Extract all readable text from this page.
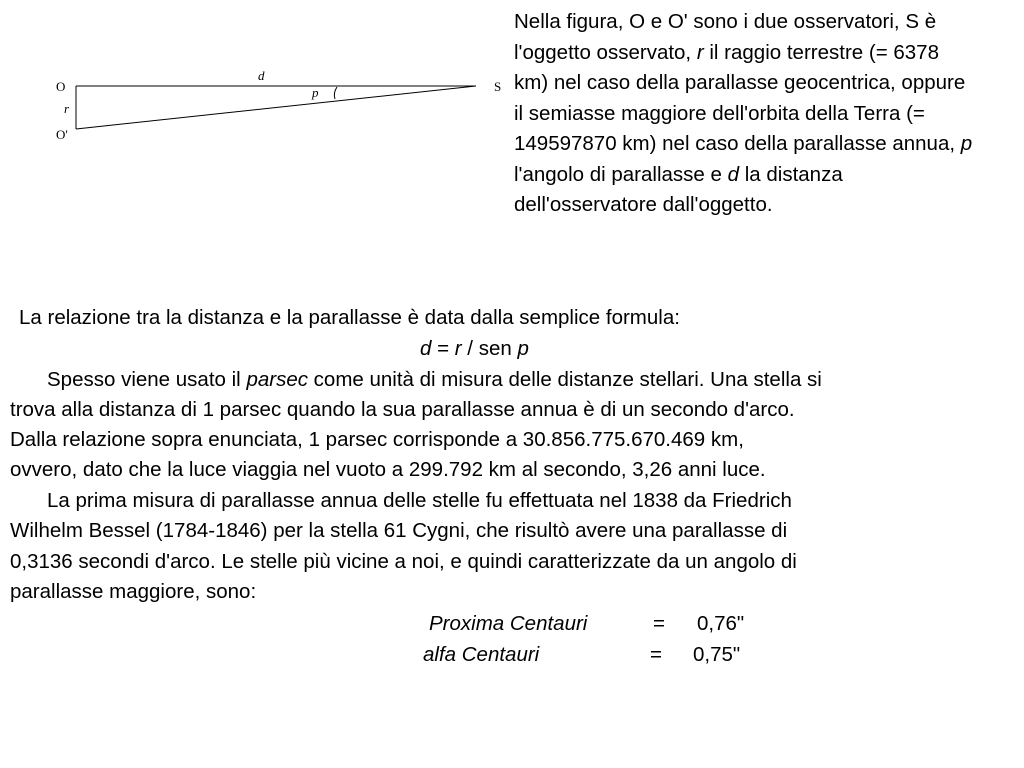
O
r
O'
d
p	S
Nella figura, O e O' sono i due osservatori, S è l'oggetto osservato, r il raggio terrestre (= 6378 km) nel caso della parallasse geocentrica, oppure il semiasse maggiore dell'orbita della Terra (= 149597870 km) nel caso della parallasse annua, p l'angolo di parallasse e d la distanza dell'osservatore dall'oggetto.
La relazione tra la distanza e la parallasse è data dalla semplice formula:
d = r / sen p
Spesso viene usato il parsec come unità di misura delle distanze stellari. Una stella si
trova alla distanza di 1 parsec quando la sua parallasse annua è di un secondo d'arco.
Dalla relazione sopra enunciata, 1 parsec corrisponde a 30.856.775.670.469 km,
ovvero, dato che la luce viaggia nel vuoto a 299.792 km al secondo, 3,26 anni luce.
La prima misura di parallasse annua delle stelle fu effettuata nel 1838 da Friedrich
Wilhelm Bessel (1784-1846) per la stella 61 Cygni, che risultò avere una parallasse di
0,3136 secondi d'arco. Le stelle più vicine a noi, e quindi caratterizzate da un angolo di
parallasse maggiore, sono:
Proxima Centauri	= 0,76"
alfa Centauri	= 0,75"
